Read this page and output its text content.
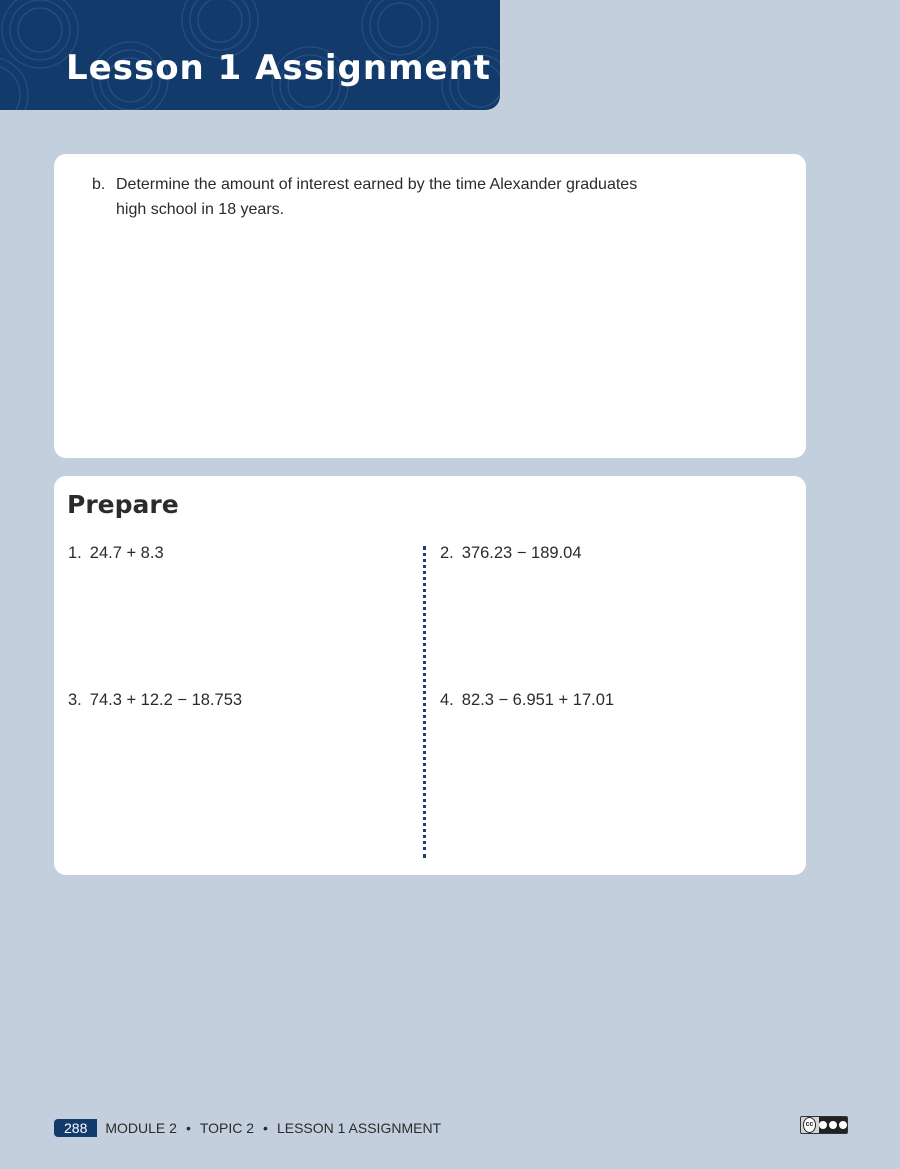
Lesson 1 Assignment
b. Determine the amount of interest earned by the time Alexander graduates high school in 18 years.
Prepare
1. 24.7 + 8.3	2. 376.23 − 189.04
3. 74.3 + 12.2 − 18.753	4. 82.3 − 6.951 + 17.01
288	MODULE 2 • TOPIC 2 • LESSON 1 ASSIGNMENT	cc
